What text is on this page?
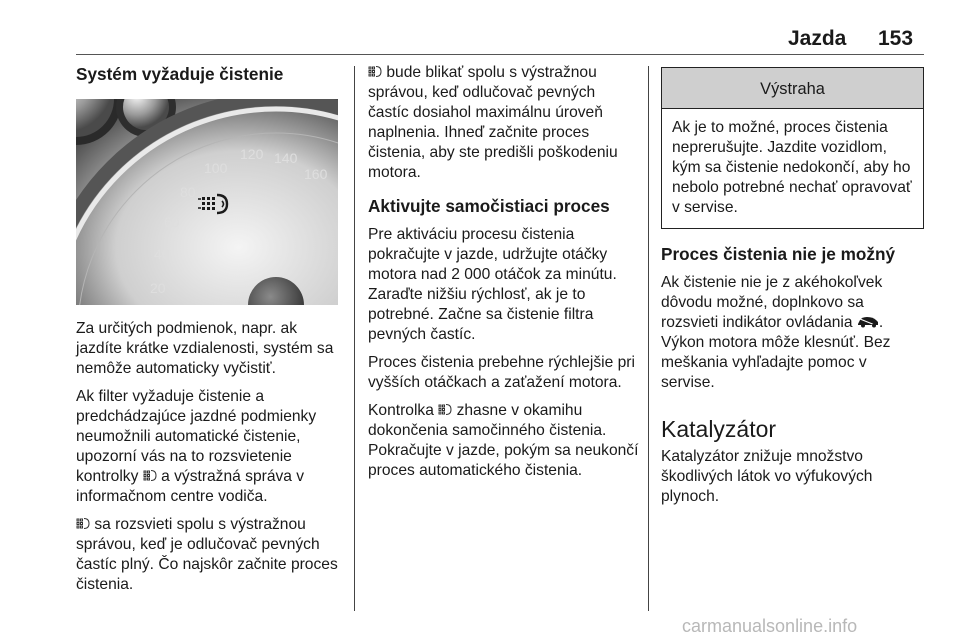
Jazda 153
Systém vyžaduje čistenie
20
40
60
80
100
120 140
160

Za určitých podmienok, napr. ak jazdíte krátke vzdialenosti, systém sa nemôže automaticky vyčistiť.

Ak filter vyžaduje čistenie a predchádzajúce jazdné podmienky neumožnili automatické čistenie, upozorní vás na to rozsvietenie kontrolky a výstražná správa v informačnom centre vodiča.

sa rozsvieti spolu s výstražnou správou, keď je odlučovač pevných častíc plný. Čo najskôr začnite proces čistenia.

bude blikať spolu s výstražnou správou, keď odlučovač pevných častíc dosiahol maximálnu úroveň naplnenia. Ihneď začnite proces čistenia, aby ste predišli poškodeniu motora.

Aktivujte samočistiaci proces

Pre aktiváciu procesu čistenia pokračujte v jazde, udržujte otáčky motora nad 2 000 otáčok za minútu. Zaraďte nižšiu rýchlosť, ak je to potrebné. Začne sa čistenie filtra pevných častíc.

Proces čistenia prebehne rýchlejšie pri vyšších otáčkach a zaťažení motora.

Kontrolka zhasne v okamihu dokončenia samočinného čistenia. Pokračujte v jazde, pokým sa neukončí proces automatického čistenia.

Výstraha
Ak je to možné, proces čistenia neprerušujte. Jazdite vozidlom, kým sa čistenie nedokončí, aby ho nebolo potrebné nechať opravovať v servise.
Proces čistenia nie je možný

Ak čistenie nie je z akéhokoľvek dôvodu možné, doplnkovo sa rozsvieti indikátor ovládania . Výkon motora môže klesnúť. Bez meškania vyhľadajte pomoc v servise.

Katalyzátor

Katalyzátor znižuje množstvo škodlivých látok vo výfukových plynoch.

carmanualsonline.info
